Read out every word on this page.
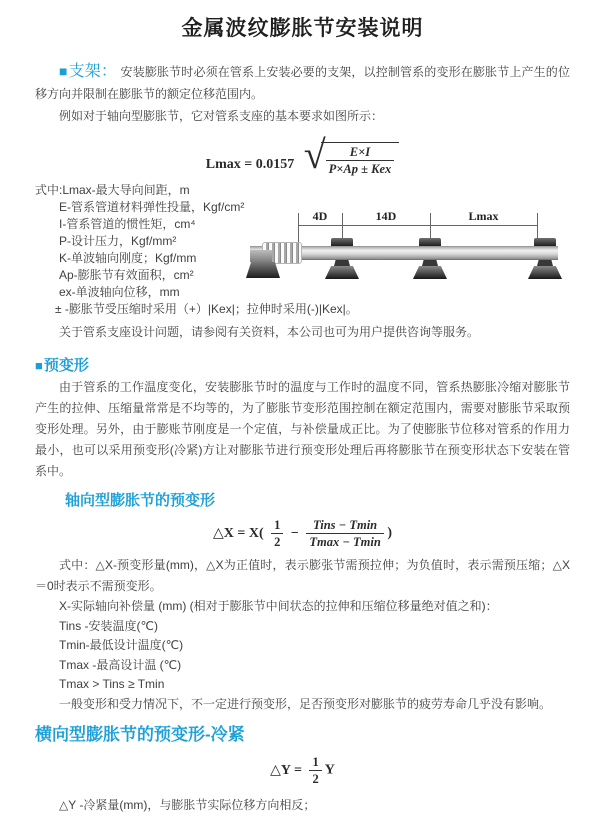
金属波纹膨胀节安装说明

■支架： 安装膨胀节时必须在管系上安装必要的支架，以控制管系的变形在膨胀节上产生的位移方向并限制在膨胀节的额定位移范围内。

例如对于轴向型膨胀节，它对管系支座的基本要求如图所示：

Lmax = 0.0157 √ $\frac{E\times I}{\text{P×Ap ± Kex}}$
式中:Lmax-最大导向间距，m
E-管系管道材料弹性投量，Kgf/cm²
I-管系管道的惯性矩，cm⁴
P-设计压力，Kgf/mm²
K-单波轴向刚度；Kgf/mm
Ap-膨胀节有效面积，cm²
ex-单波轴向位移，mm
± -膨胀节受压缩时采用（+）|Kex|；拉伸时采用(-)|Kex|。
4D	14D	Lmax

关于管系支座设计问题，请参阅有关资料，本公司也可为用户提供咨询等服务。

■预变形

由于管系的工作温度变化，安装膨胀节时的温度与工作时的温度不同，管系热膨胀冷缩对膨胀节产生的拉伸、压缩量常常是不均等的，为了膨胀节变形范围控制在额定范围内，需要对膨胀节采取预变形处理。另外，由于膨账节刚度是一个定值，与补偿量成正比。为了使膨胀节位移对管系的作用力最小，也可以采用预变形(冷紧)方让对膨胀节进行预变形处理后再将膨胀节在预变形状态下安装在管系中。

轴向型膨胀节的预变形
△X = $X( \frac{1}{2} - \frac{\text{Tins − Tmin}}{Tmax - Tmin}$ )

式中：△X-预变形量(mm)，△X为正值时，表示膨张节需预拉伸；为负值时，表示需预压缩；△X＝0时表示不需预变形。

X-实际轴向补偿量 (mm) (相对于膨胀节中间状态的拉伸和压缩位移量绝对值之和)：
Tins -安装温度(℃)
Tmin-最低设计温度(℃)
Tmax -最高设计温 (℃)
Tmax > Tins ≥ Tmin
一般变形和受力情况下，不一定进行预变形，足否预变形对膨胀节的疲劳寿命几乎没有影响。
横向型膨胀节的预变形-冷紧
△Y = $\frac{1}{2}$ Y

△Y -冷紧量(mm)，与膨胀节实际位移方向相反；
